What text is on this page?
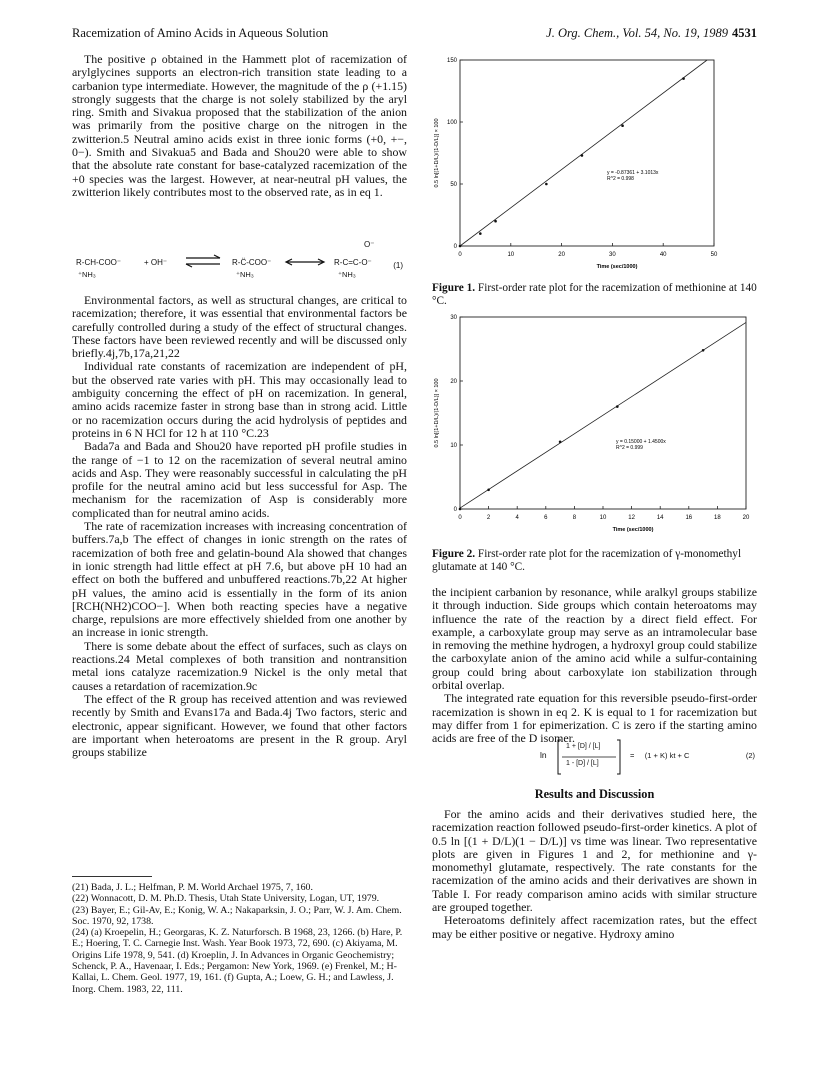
Racemization of Amino Acids in Aqueous Solution	J. Org. Chem., Vol. 54, No. 19, 1989 4531

The positive ρ obtained in the Hammett plot of racemization of arylglycines supports an electron-rich transition state leading to a carbanion type intermediate. However, the magnitude of the ρ (+1.15) strongly suggests that the charge is not solely stabilized by the aryl ring. Smith and Sivakua proposed that the stabilization of the anion was primarily from the positive charge on the nitrogen in the zwitterion.5 Neutral amino acids exist in three ionic forms (+0, +−, 0−). Smith and Sivakua5 and Bada and Shou20 were able to show that the absolute rate constant for base-catalyzed racemization of the +0 species was the largest. However, at near-neutral pH values, the zwitterion likely contributes most to the observed rate, as in eq 1.

R-CH-COO⁻
⁺NH₃
+ OH⁻ ⇌ R-C̈-COO⁻
⁺NH₃
O⁻
R-C=C-O⁻
⁺NH₃
(1)

Environmental factors, as well as structural changes, are critical to racemization; therefore, it was essential that environmental factors be carefully controlled during a study of the effect of structural changes. These factors have been reviewed recently and will be discussed only briefly.4j,7b,17a,21,22

Individual rate constants of racemization are independent of pH, but the observed rate varies with pH. This may occasionally lead to ambiguity concerning the effect of pH on racemization. In general, amino acids racemize faster in strong base than in strong acid. Little or no racemization occurs during the acid hydrolysis of peptides and proteins in 6 N HCl for 12 h at 110 °C.23

Bada7a and Bada and Shou20 have reported pH profile studies in the range of −1 to 12 on the racemization of several neutral amino acids and Asp. They were reasonably successful in calculating the pH profile for the neutral amino acid but less successful for Asp. The mechanism for the racemization of Asp is considerably more complicated than for neutral amino acids.

The rate of racemization increases with increasing concentration of buffers.7a,b The effect of changes in ionic strength on the rates of racemization of both free and gelatin-bound Ala showed that changes in ionic strength had little effect at pH 7.6, but above pH 10 had an effect on both the buffered and unbuffered reactions.7b,22 At higher pH values, the amino acid is essentially in the form of its anion [RCH(NH2)COO−]. When both reacting species have a negative charge, repulsions are more effectively shielded from one another by an increase in ionic strength.

There is some debate about the effect of surfaces, such as clays on reactions.24 Metal complexes of both transition and nontransition metal ions catalyze racemization.9 Nickel is the only metal that causes a retardation of racemization.9c

The effect of the R group has received attention and was reviewed recently by Smith and Evans17a and Bada.4j Two factors, steric and electronic, appear significant. However, we found that other factors are important when heteroatoms are present in the R group. Aryl groups stabilize

(21) Bada, J. L.; Helfman, P. M. World Archael 1975, 7, 160.

(22) Wonnacott, D. M. Ph.D. Thesis, Utah State University, Logan, UT, 1979.

(23) Bayer, E.; Gil-Av, E.; Konig, W. A.; Nakaparksin, J. O.; Parr, W. J. Am. Chem. Soc. 1970, 92, 1738.

(24) (a) Kroepelin, H.; Georgaras, K. Z. Naturforsch. B 1968, 23, 1266. (b) Hare, P. E.; Hoering, T. C. Carnegie Inst. Wash. Year Book 1973, 72, 690. (c) Akiyama, M. Origins Life 1978, 9, 541. (d) Kroeplin, J. In Advances in Organic Geochemistry; Schenck, P. A., Havenaar, I. Eds.; Pergamon: New York, 1969. (e) Frenkel, M.; H-Kallai, L. Chem. Geol. 1977, 19, 161. (f) Gupta, A.; Loew, G. H.; and Lawless, J. Inorg. Chem. 1983, 22, 111.

0	10	20	30	40	50
0
50
100
150
Time (sec/1000)
0.5 ln[(1+D/L)/(1-D/L)] × 100	y = -0.87361 + 3.1013x
R^2 = 0.998
Figure 1. First-order rate plot for the racemization of methionine at 140 °C.
0	2	4	6	8	10	12	14	16	18	20
0
10
20
30
Time (sec/1000)
0.5 ln[(1+D/L)/(1-D/L)] × 100	y = 0.15000 + 1.4500x
R^2 = 0.999
Figure 2. First-order rate plot for the racemization of γ-monomethyl glutamate at 140 °C.

the incipient carbanion by resonance, while aralkyl groups stabilize it through induction. Side groups which contain heteroatoms may influence the rate of the reaction by a direct field effect. For example, a carboxylate group may serve as an intramolecular base in removing the methine hydrogen, a hydroxyl group could stabilize the carboxylate anion of the amino acid while a sulfur-containing group could bring about carboxylate ion stabilization through orbital overlap.

The integrated rate equation for this reversible pseudo-first-order racemization is shown in eq 2. K is equal to 1 for racemization but may differ from 1 for epimerization. C is zero if the starting amino acids are free of the D isomer.

ln
1 + [D] / [L]
1 - [D] / [L]
=     (1 + K) kt + C	(2)
Results and Discussion

For the amino acids and their derivatives studied here, the racemization reaction followed pseudo-first-order kinetics. A plot of 0.5 ln [(1 + D/L)(1 − D/L)] vs time was linear. Two representative plots are given in Figures 1 and 2, for methionine and γ-monomethyl glutamate, respectively. The rate constants for the racemization of the amino acids and their derivatives are shown in Table I. For ready comparison amino acids with similar structure are grouped together.

Heteroatoms definitely affect racemization rates, but the effect may be either positive or negative. Hydroxy amino
